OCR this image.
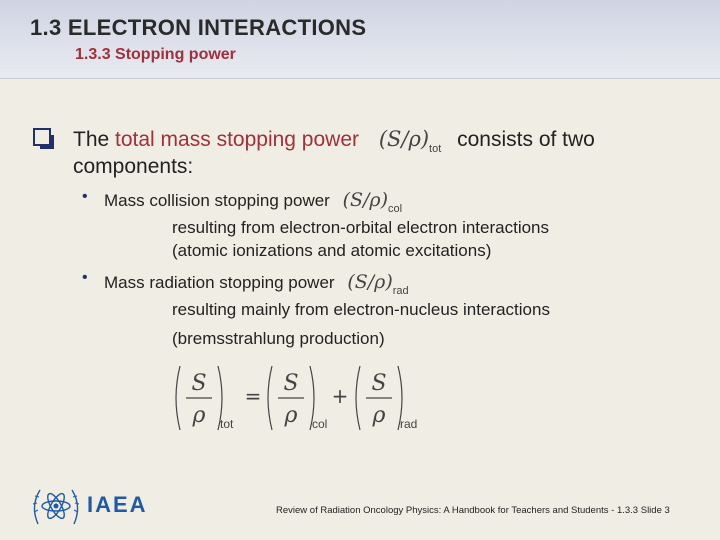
1.3 ELECTRON INTERACTIONS
1.3.3 Stopping power
The total mass stopping power $(S/\rho)_{tot}$ consists of two
components:
• Mass collision stopping power $(S/\rho)_{col}$
resulting from electron-orbital electron interactions
(atomic ionizations and atomic excitations)
• Mass radiation stopping power $(S/\rho)_{rad}$
resulting mainly from electron-nucleus interactions
(bremsstrahlung production)
S
ρ
S
ρ
S
ρ
tot	col	rad
=	+
IAEA	Review of Radiation Oncology Physics: A Handbook for Teachers and Students - 1.3.3 Slide 3
